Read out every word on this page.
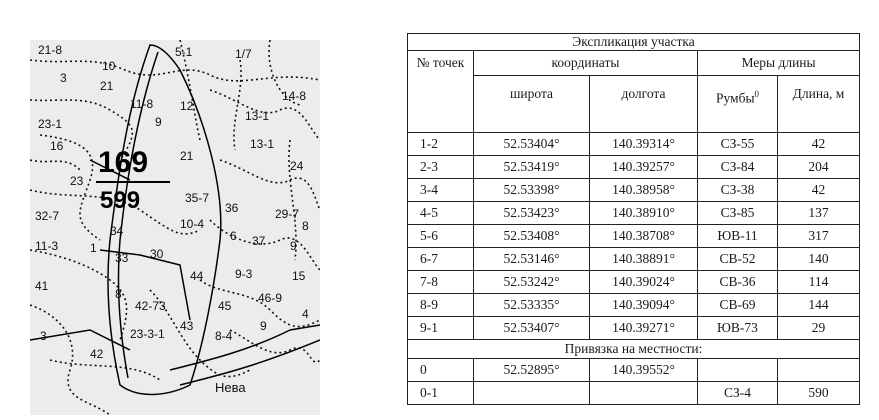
169
599
21-8
10
21
5-1	1/7
3
11-8
9
12
13-1
14-8
23-1
16	13-1
21
23
24
35-7
36	29-7
8
32-7
34	10-4
6 37 9
11-3	1
33 30
44	9-3	15
41
8
42-73	45
46-9
4
43
23-3-1	8-4
9
3
42
Нева
Экспликация участка				
№ точек	координаты		Меры длины	
	широта	долгота	Румбы$^0$	Длина, м
1-2	52.53404°	140.39314°	СЗ-55	42
2-3	52.53419°	140.39257°	СЗ-84	204
3-4	52.53398°	140.38958°	СЗ-38	42
4-5	52.53423°	140.38910°	СЗ-85	137
5-6	52.53408°	140.38708°	ЮВ-11	317
6-7	52.53146°	140.38891°	СВ-52	140
7-8	52.53242°	140.39024°	СВ-36	114
8-9	52.53335°	140.39094°	СВ-69	144
9-1	52.53407°	140.39271°	ЮВ-73	29
Привязка на местности:				
0	52.52895°	140.39552°		
0-1			СЗ-4	590
